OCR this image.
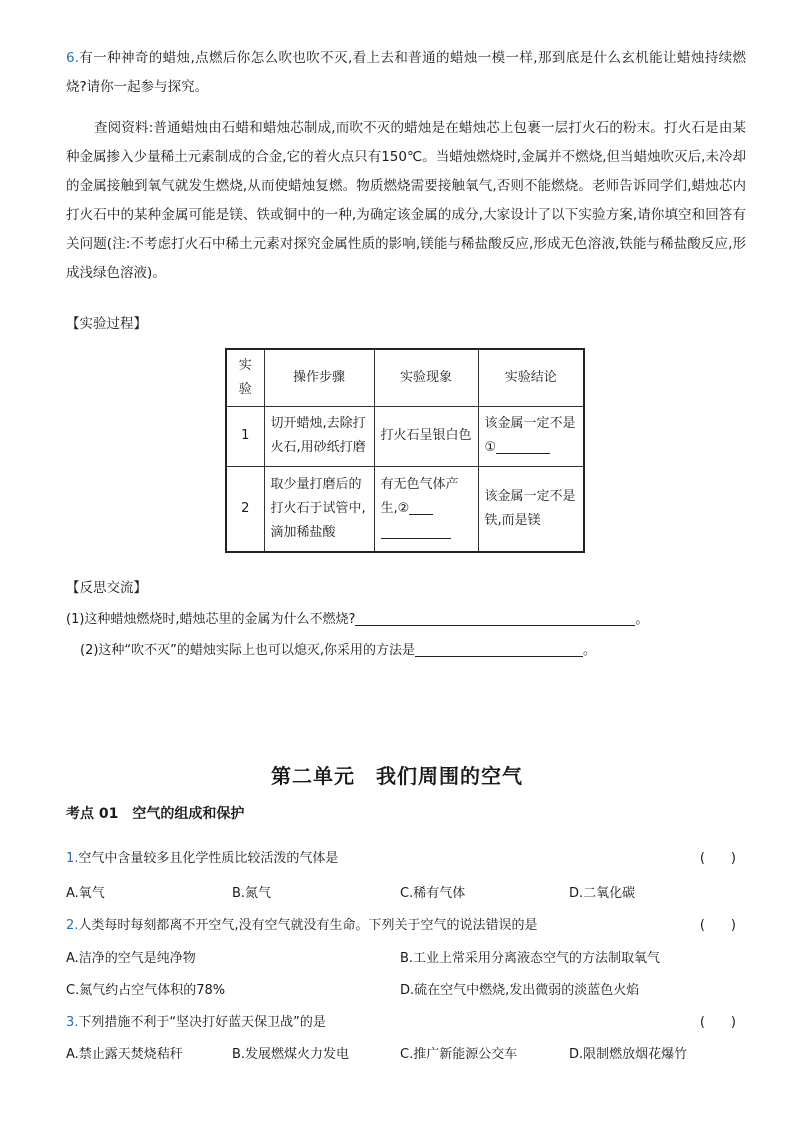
6.有一种神奇的蜡烛,点燃后你怎么吹也吹不灭,看上去和普通的蜡烛一模一样,那到底是什么玄机能让蜡烛持续燃烧?请你一起参与探究。
查阅资料:普通蜡烛由石蜡和蜡烛芯制成,而吹不灭的蜡烛是在蜡烛芯上包裹一层打火石的粉末。打火石是由某种金属掺入少量稀土元素制成的合金,它的着火点只有150℃。当蜡烛燃烧时,金属并不燃烧,但当蜡烛吹灭后,未冷却的金属接触到氧气就发生燃烧,从而使蜡烛复燃。物质燃烧需要接触氧气,否则不能燃烧。老师告诉同学们,蜡烛芯内打火石中的某种金属可能是镁、铁或铜中的一种,为确定该金属的成分,大家设计了以下实验方案,请你填空和回答有关问题(注:不考虑打火石中稀土元素对探究金属性质的影响,镁能与稀盐酸反应,形成无色溶液,铁能与稀盐酸反应,形成浅绿色溶液)。
【实验过程】
实验	操作步骤	实验现象	实验结论
1	切开蜡烛,去除打火石,用砂纸打磨	打火石呈银白色	该金属一定不是①
2	取少量打磨后的打火石于试管中,滴加稀盐酸	有无色气体产生,②	该金属一定不是铁,而是镁
【反思交流】
(1)这种蜡烛燃烧时,蜡烛芯里的金属为什么不燃烧?	。
(2)这种“吹不灭”的蜡烛实际上也可以熄灭,你采用的方法是	。
第二单元　我们周围的空气
考点 01　空气的组成和保护
1.空气中含量较多且化学性质比较活泼的气体是	(　　)
A.氧气	B.氮气	C.稀有气体	D.二氧化碳
2.人类每时每刻都离不开空气,没有空气就没有生命。下列关于空气的说法错误的是	(　　)
A.洁净的空气是纯净物	B.工业上常采用分离液态空气的方法制取氧气
C.氮气约占空气体积的78%	D.硫在空气中燃烧,发出微弱的淡蓝色火焰
3.下列措施不利于“坚决打好蓝天保卫战”的是	(　　)
A.禁止露天焚烧秸秆	B.发展燃煤火力发电	C.推广新能源公交车	D.限制燃放烟花爆竹
